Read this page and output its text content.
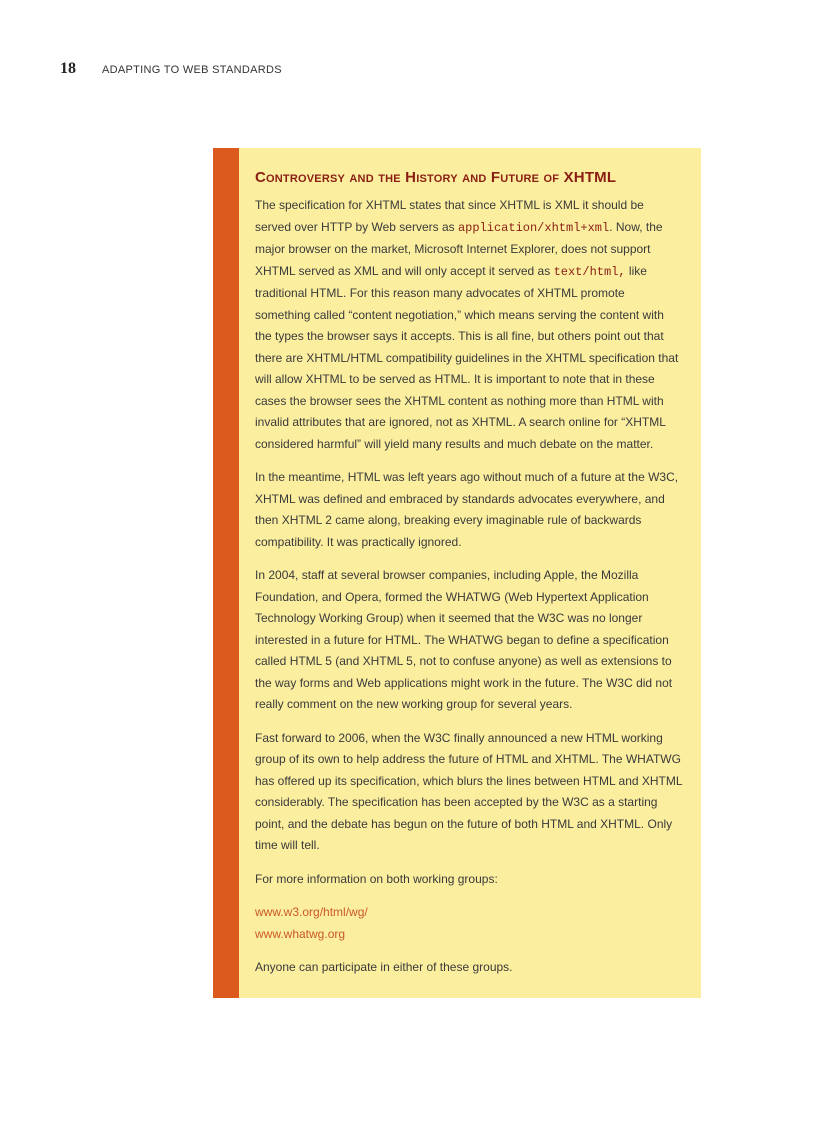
18 ADAPTING TO WEB STANDARDS
Controversy and the History and Future of XHTML

The specification for XHTML states that since XHTML is XML it should be served over HTTP by Web servers as application/xhtml+xml. Now, the major browser on the market, Microsoft Internet Explorer, does not support XHTML served as XML and will only accept it served as text/html, like traditional HTML. For this reason many advocates of XHTML promote something called “content negotiation,” which means serving the content with the types the browser says it accepts. This is all fine, but others point out that there are XHTML/HTML compatibility guidelines in the XHTML specification that will allow XHTML to be served as HTML. It is important to note that in these cases the browser sees the XHTML content as nothing more than HTML with invalid attributes that are ignored, not as XHTML. A search online for “XHTML considered harmful” will yield many results and much debate on the matter.

In the meantime, HTML was left years ago without much of a future at the W3C, XHTML was defined and embraced by standards advocates everywhere, and then XHTML 2 came along, breaking every imaginable rule of backwards compatibility. It was practically ignored.

In 2004, staff at several browser companies, including Apple, the Mozilla Foundation, and Opera, formed the WHATWG (Web Hypertext Application Technology Working Group) when it seemed that the W3C was no longer interested in a future for HTML. The WHATWG began to define a specification called HTML 5 (and XHTML 5, not to confuse anyone) as well as extensions to the way forms and Web applications might work in the future. The W3C did not really comment on the new working group for several years.

Fast forward to 2006, when the W3C finally announced a new HTML working group of its own to help address the future of HTML and XHTML. The WHATWG has offered up its specification, which blurs the lines between HTML and XHTML considerably. The specification has been accepted by the W3C as a starting point, and the debate has begun on the future of both HTML and XHTML. Only time will tell.

For more information on both working groups:

www.w3.org/html/wg/
www.whatwg.org

Anyone can participate in either of these groups.
